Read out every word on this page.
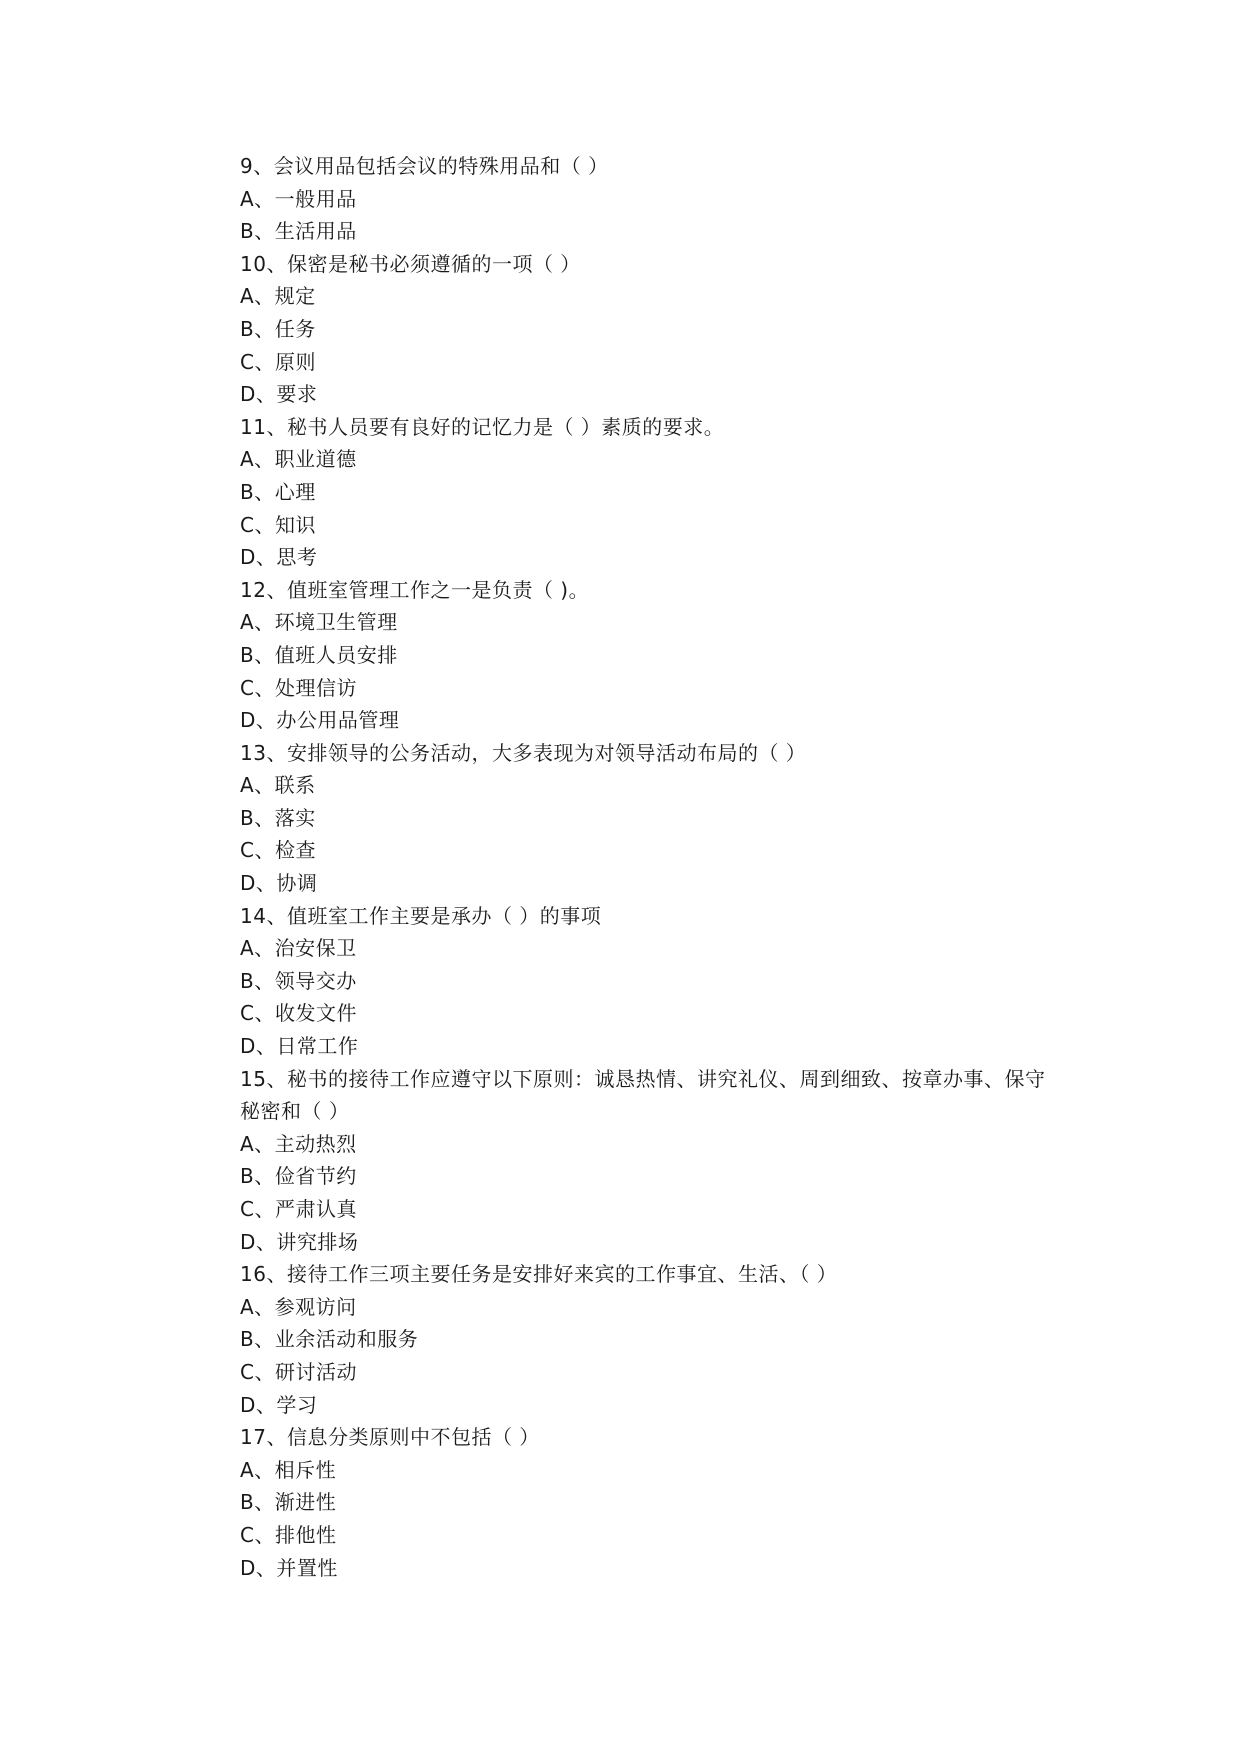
9、会议用品包括会议的特殊用品和（ ）
A、一般用品
B、生活用品
10、保密是秘书必须遵循的一项（ ）
A、规定
B、任务
C、原则
D、要求
11、秘书人员要有良好的记忆力是（ ）素质的要求。
A、职业道德
B、心理
C、知识
D、思考
12、值班室管理工作之一是负责（ )。
A、环境卫生管理
B、值班人员安排
C、处理信访
D、办公用品管理
13、安排领导的公务活动，大多表现为对领导活动布局的（ ）
A、联系
B、落实
C、检查
D、协调
14、值班室工作主要是承办（ ）的事项
A、治安保卫
B、领导交办
C、收发文件
D、日常工作
15、秘书的接待工作应遵守以下原则：诚恳热情、讲究礼仪、周到细致、按章办事、保守秘密和（ ）
A、主动热烈
B、俭省节约
C、严肃认真
D、讲究排场
16、接待工作三项主要任务是安排好来宾的工作事宜、生活、（ ）
A、参观访问
B、业余活动和服务
C、研讨活动
D、学习
17、信息分类原则中不包括（ ）
A、相斥性
B、渐进性
C、排他性
D、并置性
